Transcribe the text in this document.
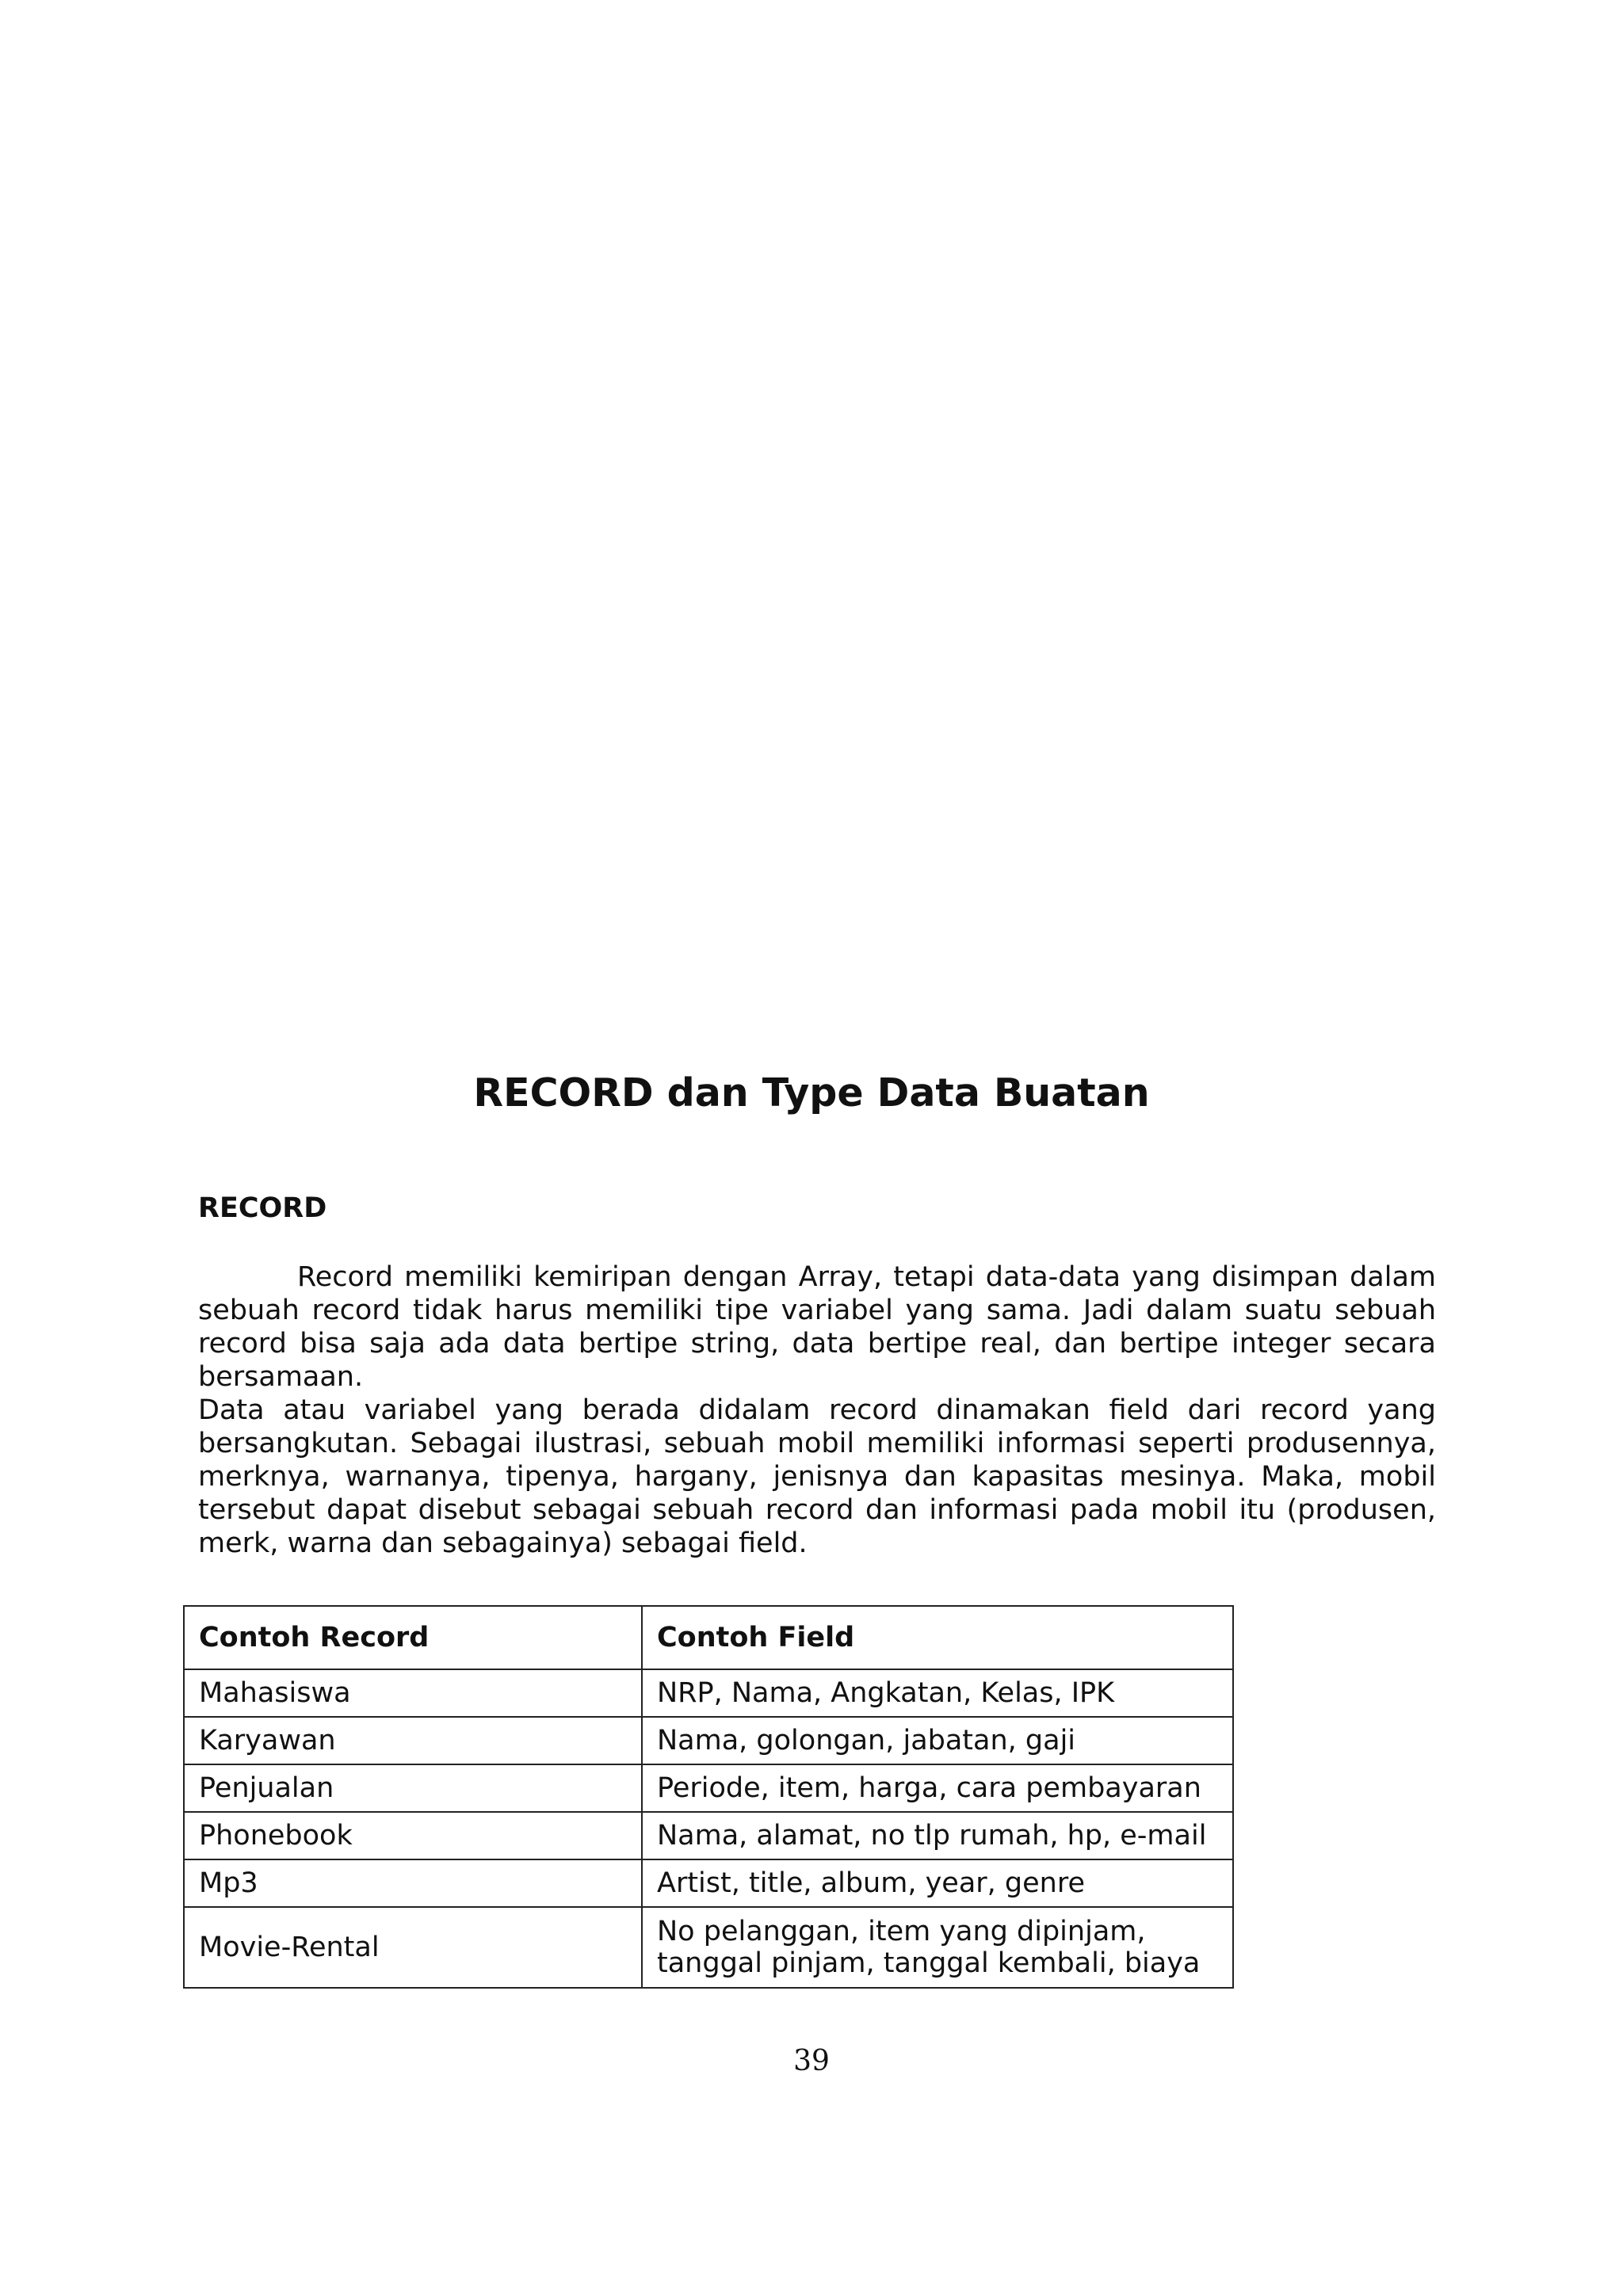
RECORD dan Type Data Buatan
RECORD

Record memiliki kemiripan dengan Array, tetapi data-data yang disimpan dalam sebuah record tidak harus memiliki tipe variabel yang sama. Jadi dalam suatu sebuah record bisa saja ada data bertipe string, data bertipe real, dan bertipe integer secara bersamaan.

Data atau variabel yang berada didalam record dinamakan field dari record yang bersangkutan. Sebagai ilustrasi, sebuah mobil memiliki informasi seperti produsennya, merknya, warnanya, tipenya, hargany, jenisnya dan kapasitas mesinya. Maka, mobil tersebut dapat disebut sebagai sebuah record dan informasi pada mobil itu (produsen, merk, warna dan sebagainya) sebagai field.

Contoh Record	Contoh Field
Mahasiswa	NRP, Nama, Angkatan, Kelas, IPK
Karyawan	Nama, golongan, jabatan, gaji
Penjualan	Periode, item, harga, cara pembayaran
Phonebook	Nama, alamat, no tlp rumah, hp, e-mail
Mp3	Artist, title, album, year, genre
Movie-Rental	No pelanggan, item yang dipinjam,
tanggal pinjam, tanggal kembali, biaya

39
